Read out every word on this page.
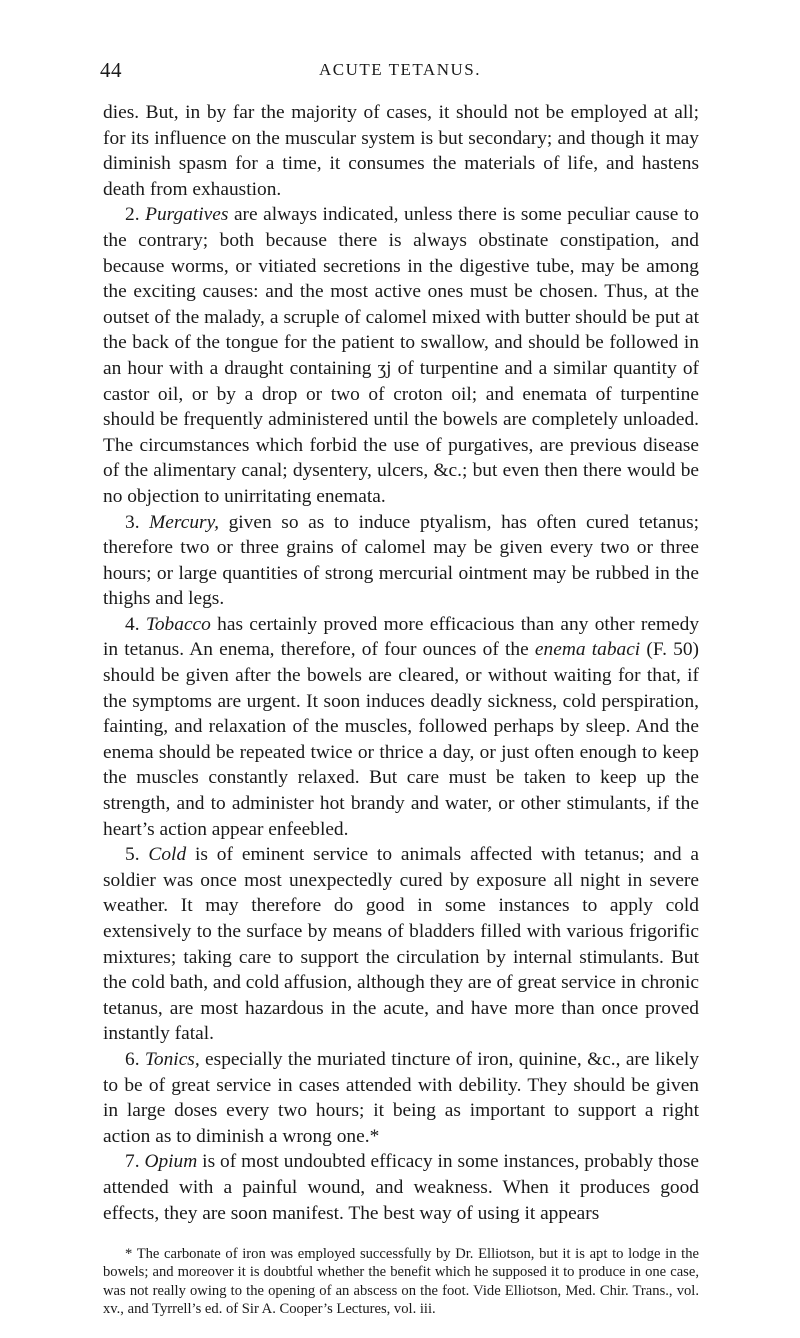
44	ACUTE TETANUS.

dies. But, in by far the majority of cases, it should not be employed at all; for its influence on the muscular system is but secondary; and though it may diminish spasm for a time, it consumes the materials of life, and hastens death from exhaustion.

2. Purgatives are always indicated, unless there is some peculiar cause to the contrary; both because there is always obstinate constipation, and because worms, or vitiated secretions in the digestive tube, may be among the exciting causes: and the most active ones must be chosen. Thus, at the outset of the malady, a scruple of calomel mixed with butter should be put at the back of the tongue for the patient to swallow, and should be followed in an hour with a draught containing ʒj of turpentine and a similar quantity of castor oil, or by a drop or two of croton oil; and enemata of turpentine should be frequently administered until the bowels are completely unloaded. The circumstances which forbid the use of purgatives, are previous disease of the alimentary canal; dysentery, ulcers, &c.; but even then there would be no objection to unirritating enemata.

3. Mercury, given so as to induce ptyalism, has often cured tetanus; therefore two or three grains of calomel may be given every two or three hours; or large quantities of strong mercurial ointment may be rubbed in the thighs and legs.

4. Tobacco has certainly proved more efficacious than any other remedy in tetanus. An enema, therefore, of four ounces of the enema tabaci (F. 50) should be given after the bowels are cleared, or without waiting for that, if the symptoms are urgent. It soon induces deadly sickness, cold perspiration, fainting, and relaxation of the muscles, followed perhaps by sleep. And the enema should be repeated twice or thrice a day, or just often enough to keep the muscles constantly relaxed. But care must be taken to keep up the strength, and to administer hot brandy and water, or other stimulants, if the heart’s action appear enfeebled.

5. Cold is of eminent service to animals affected with tetanus; and a soldier was once most unexpectedly cured by exposure all night in severe weather. It may therefore do good in some instances to apply cold extensively to the surface by means of bladders filled with various frigorific mixtures; taking care to support the circulation by internal stimulants. But the cold bath, and cold affusion, although they are of great service in chronic tetanus, are most hazardous in the acute, and have more than once proved instantly fatal.

6. Tonics, especially the muriated tincture of iron, quinine, &c., are likely to be of great service in cases attended with debility. They should be given in large doses every two hours; it being as important to support a right action as to diminish a wrong one.*

7. Opium is of most undoubted efficacy in some instances, probably those attended with a painful wound, and weakness. When it produces good effects, they are soon manifest. The best way of using it appears

* The carbonate of iron was employed successfully by Dr. Elliotson, but it is apt to lodge in the bowels; and moreover it is doubtful whether the benefit which he supposed it to produce in one case, was not really owing to the opening of an abscess on the foot. Vide Elliotson, Med. Chir. Trans., vol. xv., and Tyrrell’s ed. of Sir A. Cooper’s Lectures, vol. iii.
